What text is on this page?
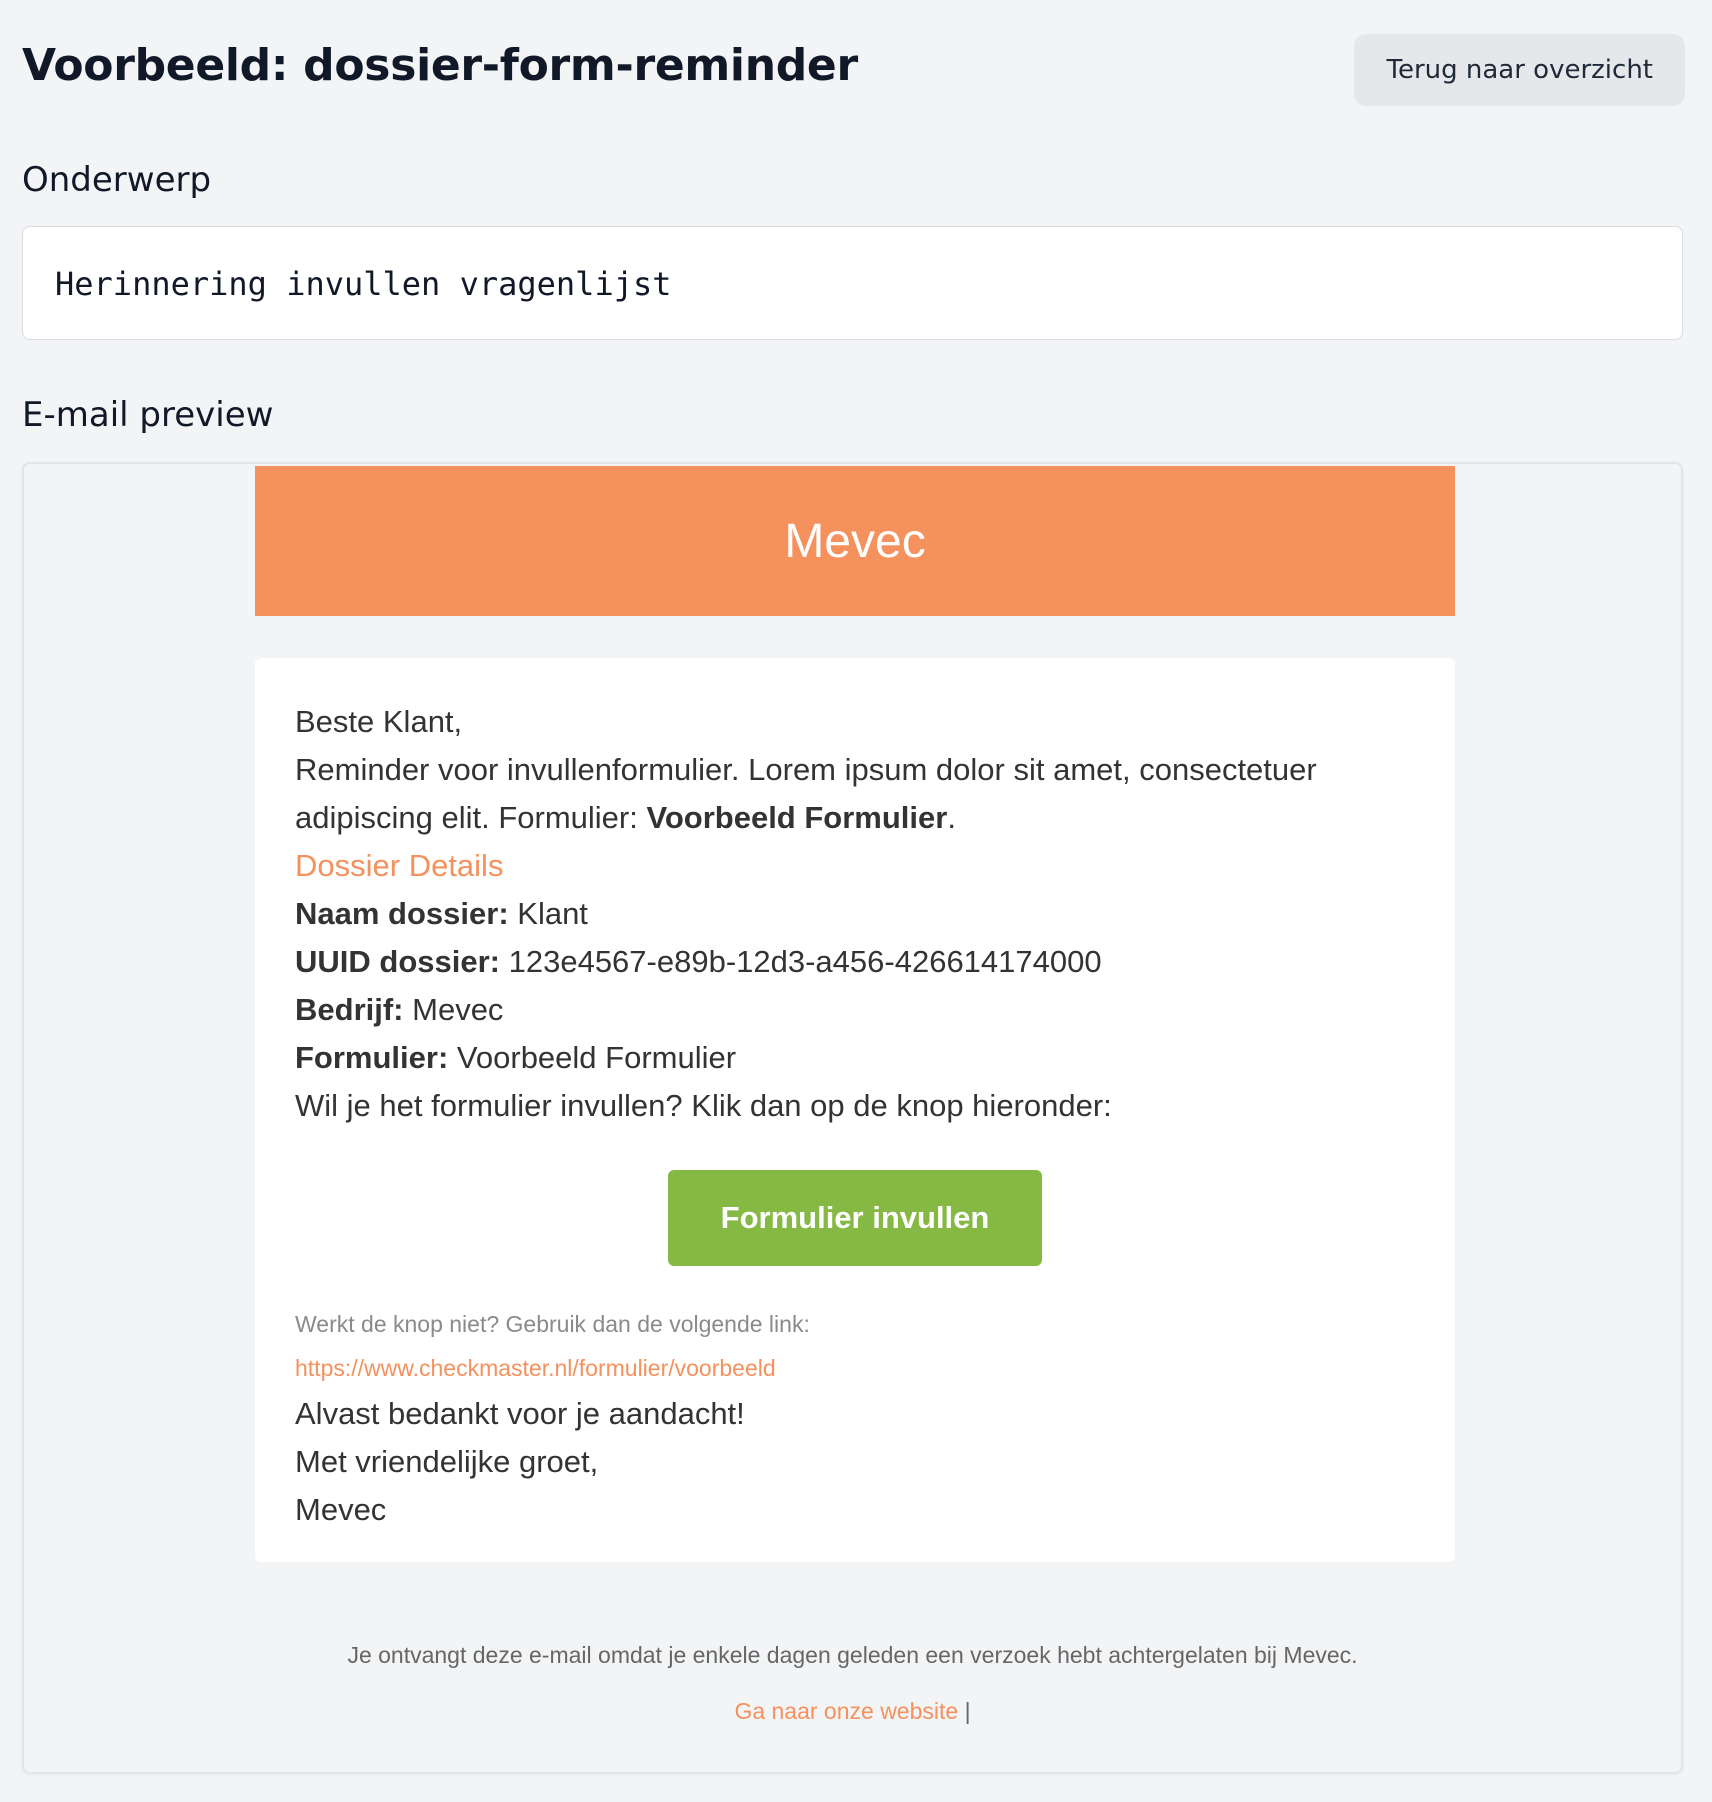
Voorbeeld: dossier-form-reminder	Terug naar overzicht
Onderwerp
Herinnering invullen vragenlijst
E-mail preview
Mevec

Beste Klant,

Reminder voor invullenformulier. Lorem ipsum dolor sit amet, consectetuer adipiscing elit. Formulier: Voorbeeld Formulier.

Dossier Details

Naam dossier: Klant

UUID dossier: 123e4567-e89b-12d3-a456-426614174000

Bedrijf: Mevec

Formulier: Voorbeeld Formulier

Wil je het formulier invullen? Klik dan op de knop hieronder:

Formulier invullen

Werkt de knop niet? Gebruik dan de volgende link:

https://www.checkmaster.nl/formulier/voorbeeld

Alvast bedankt voor je aandacht!

Met vriendelijke groet,

Mevec

Je ontvangt deze e-mail omdat je enkele dagen geleden een verzoek hebt achtergelaten bij Mevec.
Ga naar onze website |
